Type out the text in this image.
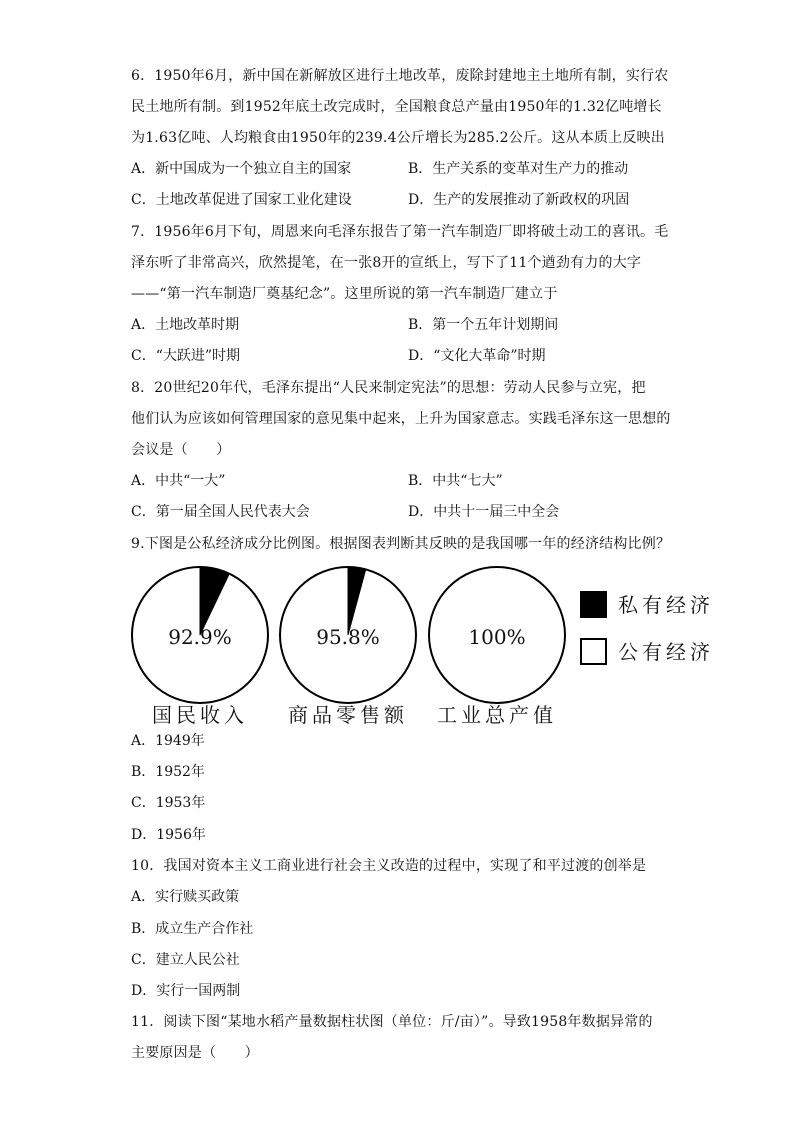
6．1950年6月，新中国在新解放区进行土地改革，废除封建地主土地所有制，实行农
民土地所有制。到1952年底土改完成时，全国粮食总产量由1950年的1.32亿吨增长
为1.63亿吨、人均粮食由1950年的239.4公斤增长为285.2公斤。这从本质上反映出
A．新中国成为一个独立自主的国家	B．生产关系的变革对生产力的推动
C．土地改革促进了国家工业化建设	D．生产的发展推动了新政权的巩固
7．1956年6月下旬，周恩来向毛泽东报告了第一汽车制造厂即将破土动工的喜讯。毛
泽东听了非常高兴，欣然提笔，在一张8开的宣纸上，写下了11个遒劲有力的大字
——“第一汽车制造厂奠基纪念”。这里所说的第一汽车制造厂建立于
A．土地改革时期	B．第一个五年计划期间
C．“大跃进”时期	D．“文化大革命”时期
8．20世纪20年代，毛泽东提出“人民来制定宪法”的思想：劳动人民参与立宪，把
他们认为应该如何管理国家的意见集中起来，上升为国家意志。实践毛泽东这一思想的
会议是（　　）
A．中共“一大”	B．中共“七大”
C．第一届全国人民代表大会	D．中共十一届三中全会
9.下图是公私经济成分比例图。根据图表判断其反映的是我国哪一年的经济结构比例？
92.9%
国民收入
95.8%
商品零售额
100%
工业总产值
私有经济
公有经济
A．1949年
B．1952年
C．1953年
D．1956年
10．我国对资本主义工商业进行社会主义改造的过程中，实现了和平过渡的创举是
A．实行赎买政策
B．成立生产合作社
C．建立人民公社
D．实行一国两制
11．阅读下图“某地水稻产量数据柱状图（单位：斤/亩）”。导致1958年数据异常的
主要原因是（　　）
